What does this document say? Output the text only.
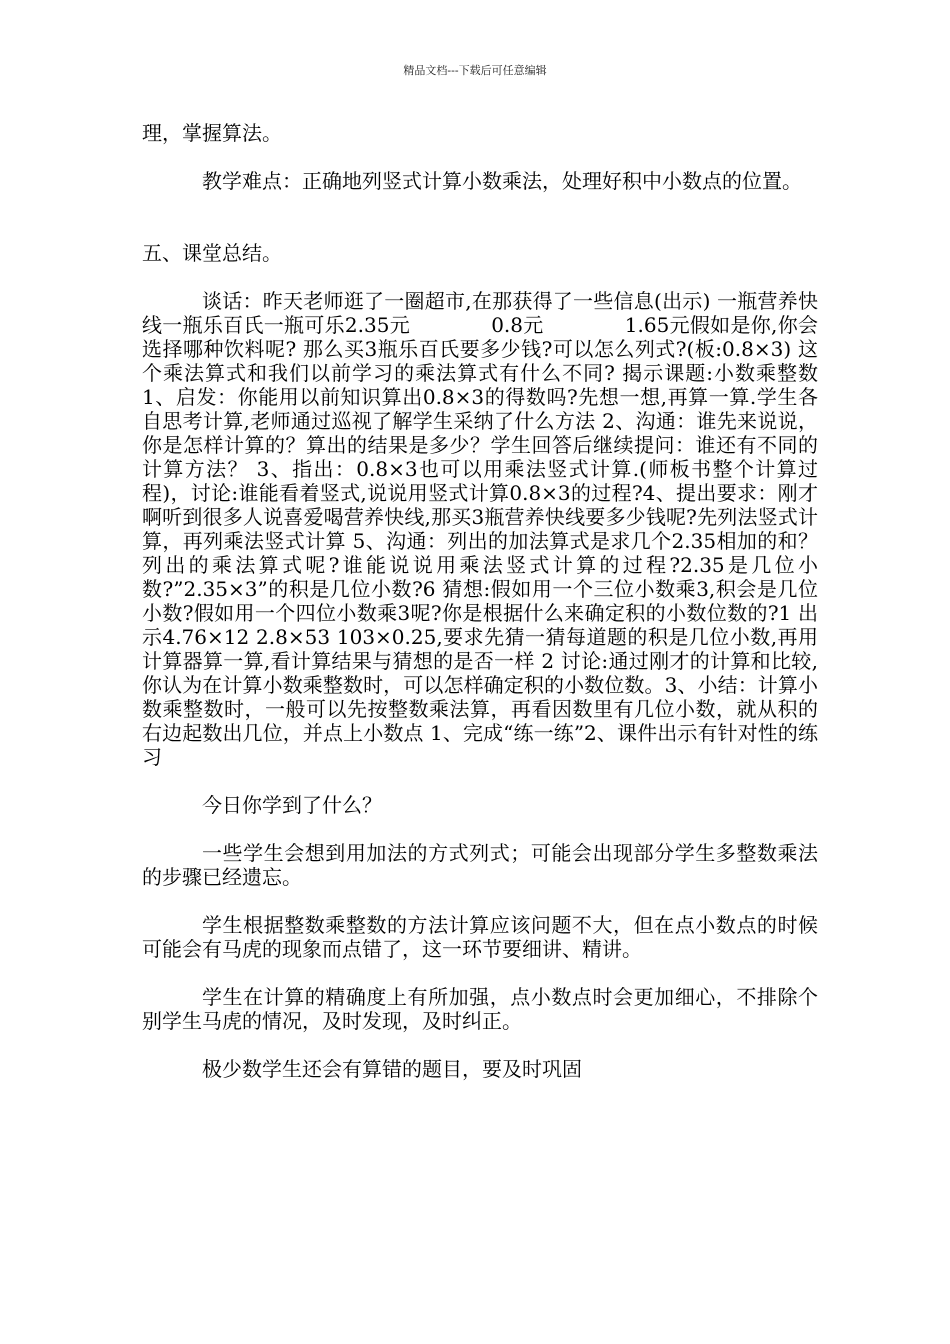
精品文档---下载后可任意编辑

理，掌握算法。

教学难点：正确地列竖式计算小数乘法，处理好积中小数点的位置。

五、课堂总结。

谈话：昨天老师逛了一圈超市,在那获得了一些信息(出示) 一瓶营养快线一瓶乐百氏一瓶可乐2.35元　　　　0.8元　　　　1.65元假如是你,你会选择哪种饮料呢? 那么买3瓶乐百氏要多少钱?可以怎么列式?(板:0.8×3) 这个乘法算式和我们以前学习的乘法算式有什么不同? 揭示课题:小数乘整数 1、启发：你能用以前知识算出0.8×3的得数吗?先想一想,再算一算.学生各自思考计算,老师通过巡视了解学生采纳了什么方法 2、沟通：谁先来说说，你是怎样计算的？算出的结果是多少？学生回答后继续提问：谁还有不同的计算方法？ 3、指出：0.8×3也可以用乘法竖式计算.(师板书整个计算过程)，讨论:谁能看着竖式,说说用竖式计算0.8×3的过程?4、提出要求：刚才啊听到很多人说喜爱喝营养快线,那买3瓶营养快线要多少钱呢?先列法竖式计算，再列乘法竖式计算 5、沟通：列出的加法算式是求几个2.35相加的和？ 列出的乘法算式呢?谁能说说用乘法竖式计算的过程?2.35是几位小数?”2.35×3”的积是几位小数?6 猜想:假如用一个三位小数乘3,积会是几位小数?假如用一个四位小数乘3呢?你是根据什么来确定积的小数位数的?1 出示4.76×12 2.8×53 103×0.25,要求先猜一猜每道题的积是几位小数,再用计算器算一算,看计算结果与猜想的是否一样 2 讨论:通过刚才的计算和比较,你认为在计算小数乘整数时，可以怎样确定积的小数位数。3、小结：计算小数乘整数时，一般可以先按整数乘法算，再看因数里有几位小数，就从积的右边起数出几位，并点上小数点 1、完成“练一练”2、课件出示有针对性的练习

今日你学到了什么？

一些学生会想到用加法的方式列式；可能会出现部分学生多整数乘法的步骤已经遗忘。

学生根据整数乘整数的方法计算应该问题不大，但在点小数点的时候可能会有马虎的现象而点错了，这一环节要细讲、精讲。

学生在计算的精确度上有所加强，点小数点时会更加细心，不排除个别学生马虎的情况，及时发现，及时纠正。

极少数学生还会有算错的题目，要及时巩固
